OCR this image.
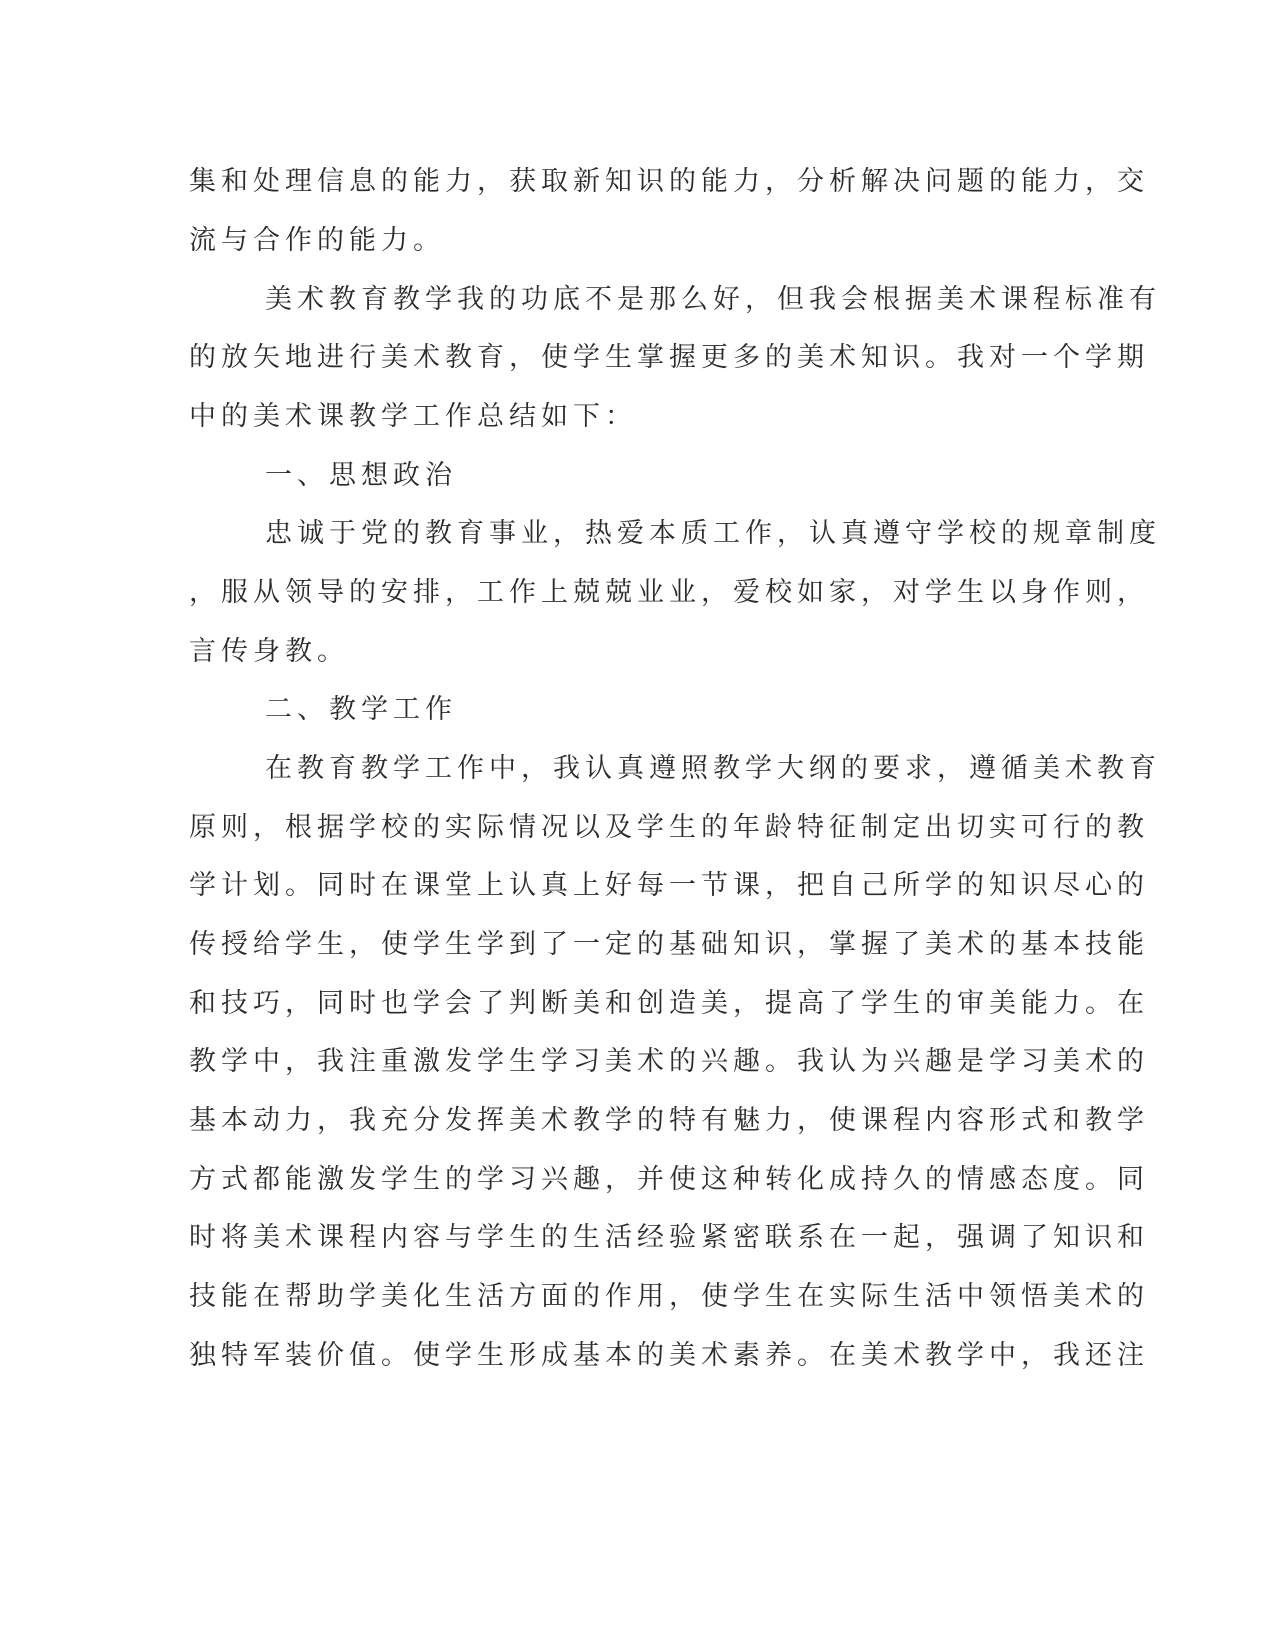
集和处理信息的能力，获取新知识的能力，分析解决问题的能力，交
流与合作的能力。
美术教育教学我的功底不是那么好，但我会根据美术课程标准有
的放矢地进行美术教育，使学生掌握更多的美术知识。我对一个学期
中的美术课教学工作总结如下：
一、思想政治
忠诚于党的教育事业，热爱本质工作，认真遵守学校的规章制度
，服从领导的安排，工作上兢兢业业，爱校如家，对学生以身作则，
言传身教。
二、教学工作
在教育教学工作中，我认真遵照教学大纲的要求，遵循美术教育
原则，根据学校的实际情况以及学生的年龄特征制定出切实可行的教
学计划。同时在课堂上认真上好每一节课，把自己所学的知识尽心的
传授给学生，使学生学到了一定的基础知识，掌握了美术的基本技能
和技巧，同时也学会了判断美和创造美，提高了学生的审美能力。在
教学中，我注重激发学生学习美术的兴趣。我认为兴趣是学习美术的
基本动力，我充分发挥美术教学的特有魅力，使课程内容形式和教学
方式都能激发学生的学习兴趣，并使这种转化成持久的情感态度。同
时将美术课程内容与学生的生活经验紧密联系在一起，强调了知识和
技能在帮助学美化生活方面的作用，使学生在实际生活中领悟美术的
独特军装价值。使学生形成基本的美术素养。在美术教学中，我还注
